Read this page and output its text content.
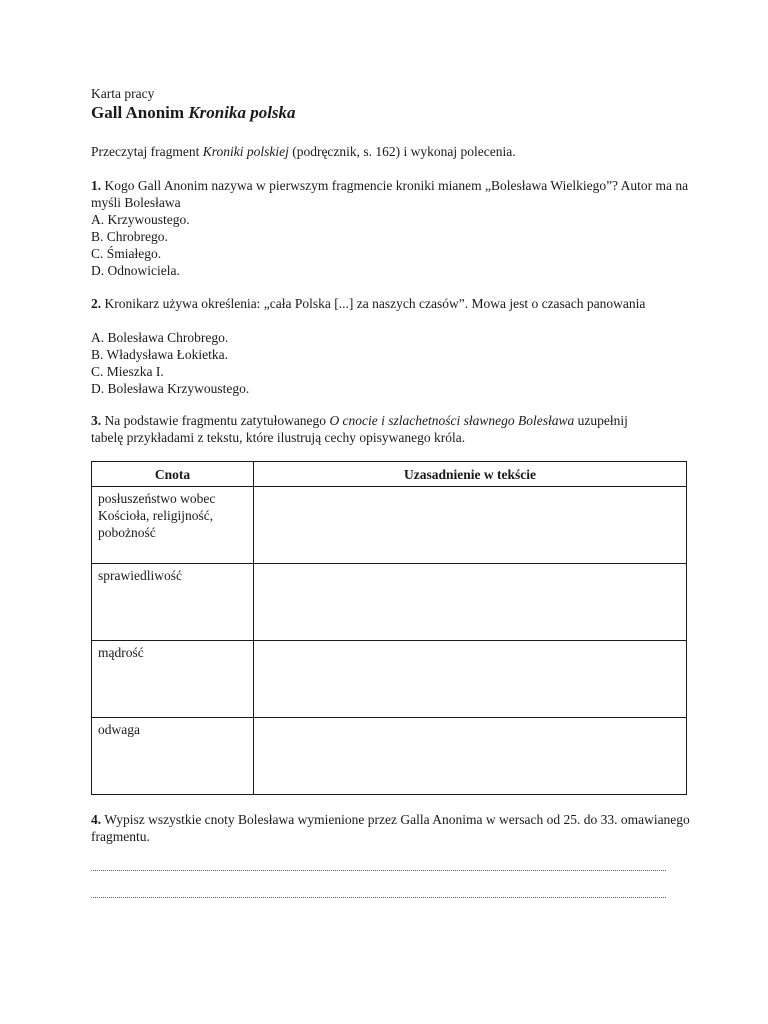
Karta pracy
Gall Anonim Kronika polska
Przeczytaj fragment Kroniki polskiej (podręcznik, s. 162) i wykonaj polecenia.
1. Kogo Gall Anonim nazywa w pierwszym fragmencie kroniki mianem „Bolesława Wielkiego”? Autor ma na myśli Bolesława
A. Krzywoustego.
B. Chrobrego.
C. Śmiałego.
D. Odnowiciela.
2. Kronikarz używa określenia: „cała Polska [...] za naszych czasów”. Mowa jest o czasach panowania
A. Bolesława Chrobrego.
B. Władysława Łokietka.
C. Mieszka I.
D. Bolesława Krzywoustego.
3. Na podstawie fragmentu zatytułowanego O cnocie i szlachetności sławnego Bolesława uzupełnij tabelę przykładami z tekstu, które ilustrują cechy opisywanego króla.
Cnota	Uzasadnienie w tekście
posłuszeństwo wobec Kościoła, religijność, pobożność	
sprawiedliwość	
mądrość	
odwaga	
4. Wypisz wszystkie cnoty Bolesława wymienione przez Galla Anonima w wersach od 25. do 33. omawianego fragmentu.
